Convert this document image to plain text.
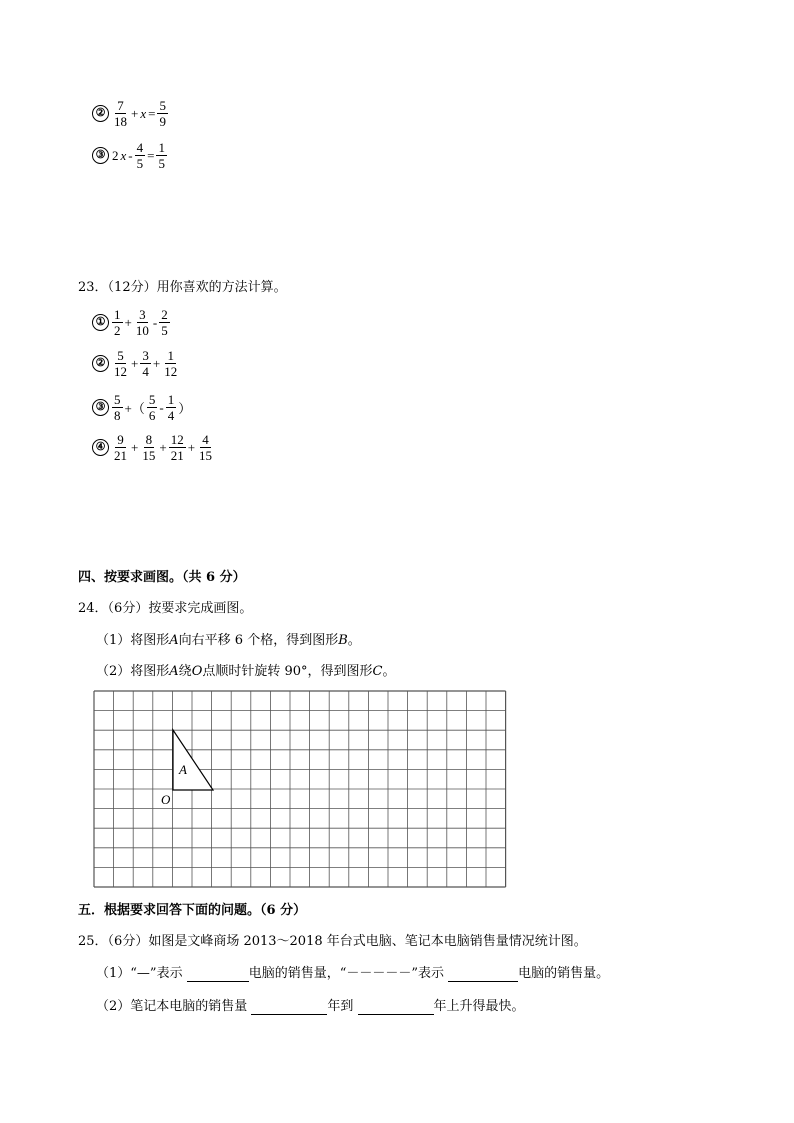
② $\frac{7}{18} + x = \frac{5}{9}$
③ 2 $x - \frac{4}{5} = \frac{1}{5}$
23．（12分）用你喜欢的方法计算。
① $\frac{1}{2} + \frac{3}{10} - \frac{2}{5}$
② $\frac{5}{12} + \frac{3}{4} + \frac{1}{12}$
③ $\frac{5}{8}$ +（ $\frac{5}{6} - \frac{1}{4}$ ）
④ $\frac{9}{21} + \frac{8}{15} + \frac{12}{21} + \frac{4}{15}$
四、按要求画图。（共 6 分）
24．（6分）按要求完成画图。
（1）将图形A向右平移 6 个格，得到图形B。
（2）将图形A绕O点顺时针旋转 90°，得到图形C。
A
O
五．根据要求回答下面的问题。（6 分）
25．（6分）如图是文峰商场 2013～2018 年台式电脑、笔记本电脑销售量情况统计图。
（1）“—”表示	电脑的销售量，“－－－－－”表示	电脑的销售量。
（2）笔记本电脑的销售量	年到	年上升得最快。
